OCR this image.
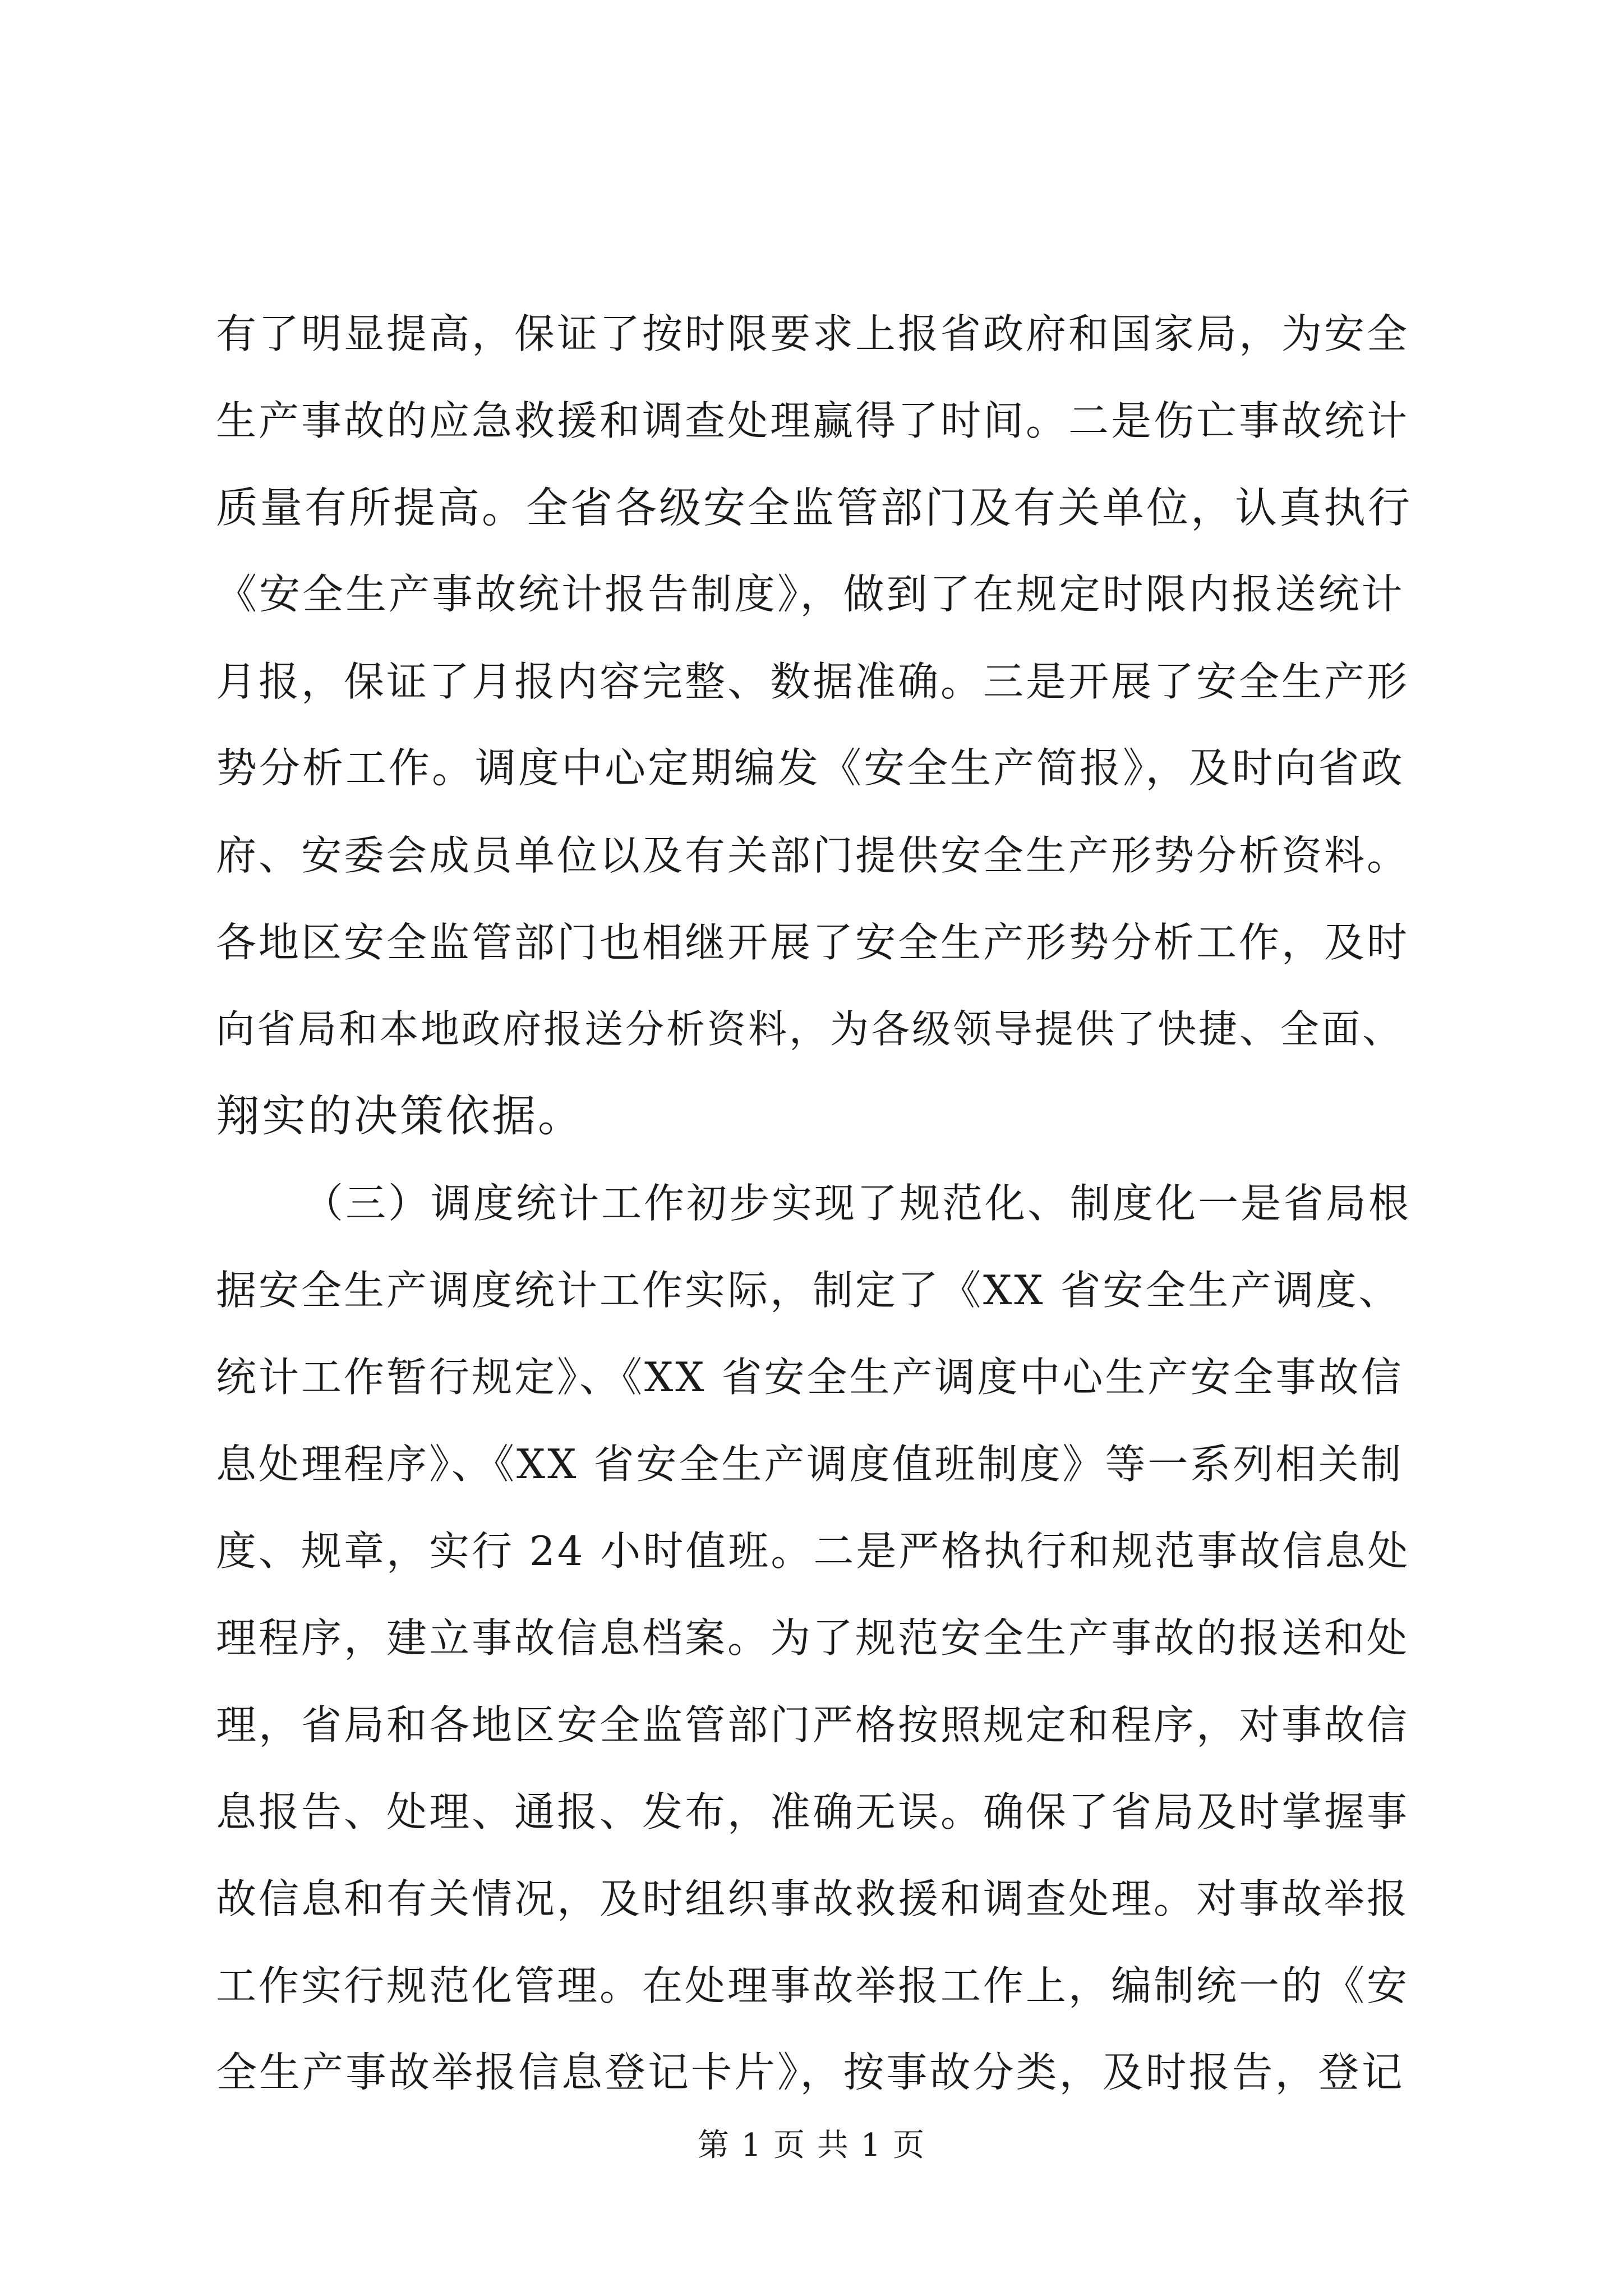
有了明显提高，保证了按时限要求上报省政府和国家局，为安全
生产事故的应急救援和调查处理赢得了时间。二是伤亡事故统计
质量有所提高。全省各级安全监管部门及有关单位，认真执行
《安全生产事故统计报告制度》，做到了在规定时限内报送统计
月报，保证了月报内容完整、数据准确。三是开展了安全生产形
势分析工作。调度中心定期编发《安全生产简报》，及时向省政
府、安委会成员单位以及有关部门提供安全生产形势分析资料。
各地区安全监管部门也相继开展了安全生产形势分析工作，及时
向省局和本地政府报送分析资料，为各级领导提供了快捷、全面、
翔实的决策依据。
（三）调度统计工作初步实现了规范化、制度化一是省局根
据安全生产调度统计工作实际，制定了《XX 省安全生产调度、
统计工作暂行规定》、《XX 省安全生产调度中心生产安全事故信
息处理程序》、《XX 省安全生产调度值班制度》等一系列相关制
度、规章，实行 24 小时值班。二是严格执行和规范事故信息处
理程序，建立事故信息档案。为了规范安全生产事故的报送和处
理，省局和各地区安全监管部门严格按照规定和程序，对事故信
息报告、处理、通报、发布，准确无误。确保了省局及时掌握事
故信息和有关情况，及时组织事故救援和调查处理。对事故举报
工作实行规范化管理。在处理事故举报工作上，编制统一的《安
全生产事故举报信息登记卡片》，按事故分类，及时报告，登记
第 1 页 共 1 页
